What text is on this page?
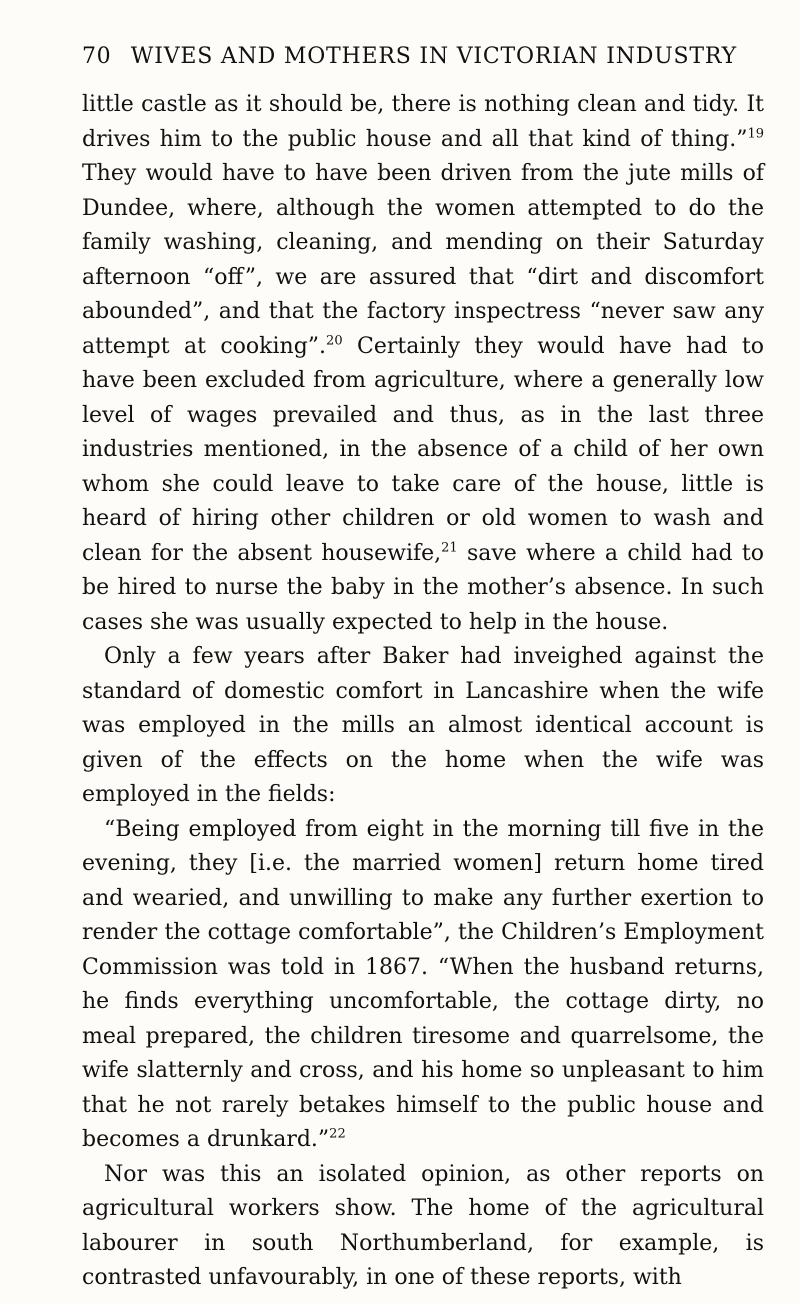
70 WIVES AND MOTHERS IN VICTORIAN INDUSTRY

little castle as it should be, there is nothing clean and tidy. It drives him to the public house and all that kind of thing.”$^{19}$ They would have to have been driven from the jute mills of Dundee, where, although the women attempted to do the family washing, cleaning, and mending on their Saturday afternoon “off”, we are assured that “dirt and discomfort abounded”, and that the factory inspectress “never saw any attempt at cooking”.$^{20}$ Certainly they would have had to have been excluded from agriculture, where a generally low level of wages prevailed and thus, as in the last three industries mentioned, in the absence of a child of her own whom she could leave to take care of the house, little is heard of hiring other children or old women to wash and clean for the absent housewife,$^{21}$ save where a child had to be hired to nurse the baby in the mother’s absence. In such cases she was usually expected to help in the house.

Only a few years after Baker had inveighed against the standard of domestic comfort in Lancashire when the wife was employed in the mills an almost identical account is given of the effects on the home when the wife was employed in the fields:

“Being employed from eight in the morning till five in the evening, they [i.e. the married women] return home tired and wearied, and unwilling to make any further exertion to render the cottage comfortable”, the Children’s Employment Commission was told in 1867. “When the husband returns, he finds everything uncomfortable, the cottage dirty, no meal prepared, the children tiresome and quarrelsome, the wife slatternly and cross, and his home so unpleasant to him that he not rarely betakes himself to the public house and becomes a drunkard.”$^{22}$

Nor was this an isolated opinion, as other reports on agricultural workers show. The home of the agricultural labourer in south Northumberland, for example, is contrasted unfavourably, in one of these reports, with
